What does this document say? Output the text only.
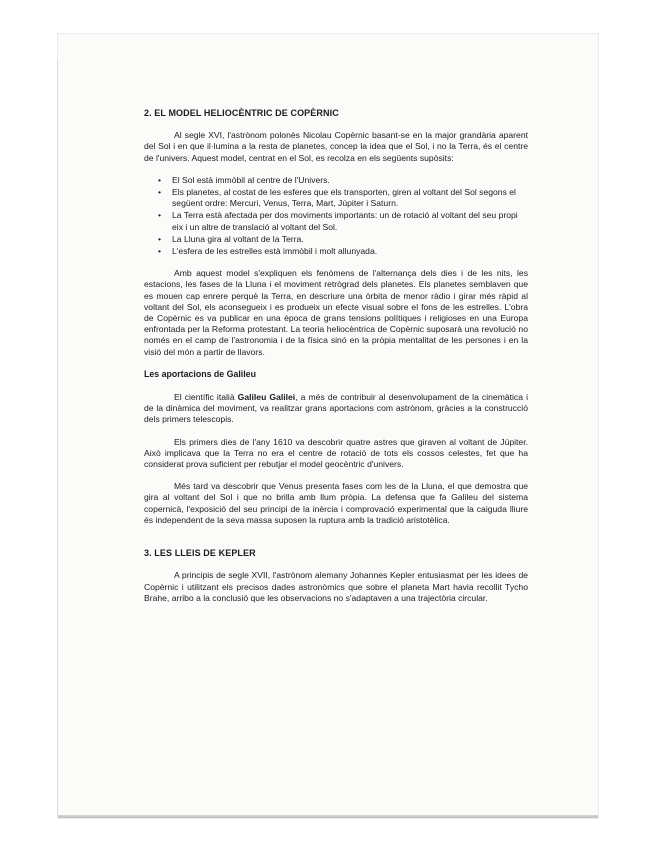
2. EL MODEL HELIOCÈNTRIC DE COPÈRNIC

Al segle XVI, l'astrònom polonès Nicolau Copèrnic basant-se en la major grandària aparent del Sol i en que il·lumina a la resta de planetes, concep la idea que el Sol, i no la Terra, és el centre de l'univers. Aquest model, centrat en el Sol, es recolza en els següents supòsits:

• El Sol està immòbil al centre de l'Univers.
• Els planetes, al costat de les esferes que els transporten, giren al voltant del Sol segons el següent ordre: Mercuri, Venus, Terra, Mart, Júpiter i Saturn.
• La Terra està afectada per dos moviments importants: un de rotació al voltant del seu propi eix i un altre de translació al voltant del Sol.
• La Lluna gira al voltant de la Terra.
• L'esfera de les estrelles està immòbil i molt allunyada.

Amb aquest model s'expliquen els fenòmens de l'alternança dels dies i de les nits, les estacions, les fases de la Lluna i el moviment retrògrad dels planetes. Els planetes semblaven que es mouen cap enrere perquè la Terra, en descriure una òrbita de menor ràdio i girar més ràpid al voltant del Sol, els aconsegueix i es produeix un efecte visual sobre el fons de les estrelles. L'obra de Copèrnic es va publicar en una època de grans tensions polítiques i religioses en una Europa enfrontada per la Reforma protestant. La teoria heliocèntrica de Copèrnic suposarà una revolució no només en el camp de l'astronomia i de la física sinó en la pròpia mentalitat de les persones i en la visió del món a partir de llavors.

Les aportacions de Galileu

El científic italià Galileu Galilei, a més de contribuir al desenvolupament de la cinemàtica i de la dinàmica del moviment, va realitzar grans aportacions com astrònom, gràcies a la construcció dels primers telescopis.

Els primers dies de l'any 1610 va descobrir quatre astres que giraven al voltant de Júpiter. Això implicava que la Terra no era el centre de rotació de tots els cossos celestes, fet que ha considerat prova suficient per rebutjar el model geocèntric d'univers.

Més tard va descobrir que Venus presenta fases com les de la Lluna, el que demostra que gira al voltant del Sol i que no brilla amb llum pròpia. La defensa que fa Galileu del sistema copernicà, l'exposició del seu principi de la inèrcia i comprovació experimental que la caiguda lliure és independent de la seva massa suposen la ruptura amb la tradició aristotèlica.

3. LES LLEIS DE KEPLER

A principis de segle XVII, l'astrònom alemany Johannes Kepler entusiasmat per les idees de Copèrnic i utilitzant els precisos dades astronòmics que sobre el planeta Mart havia recollit Tycho Brahe, arribo a la conclusió que les observacions no s'adaptaven a una trajectòria circular.
